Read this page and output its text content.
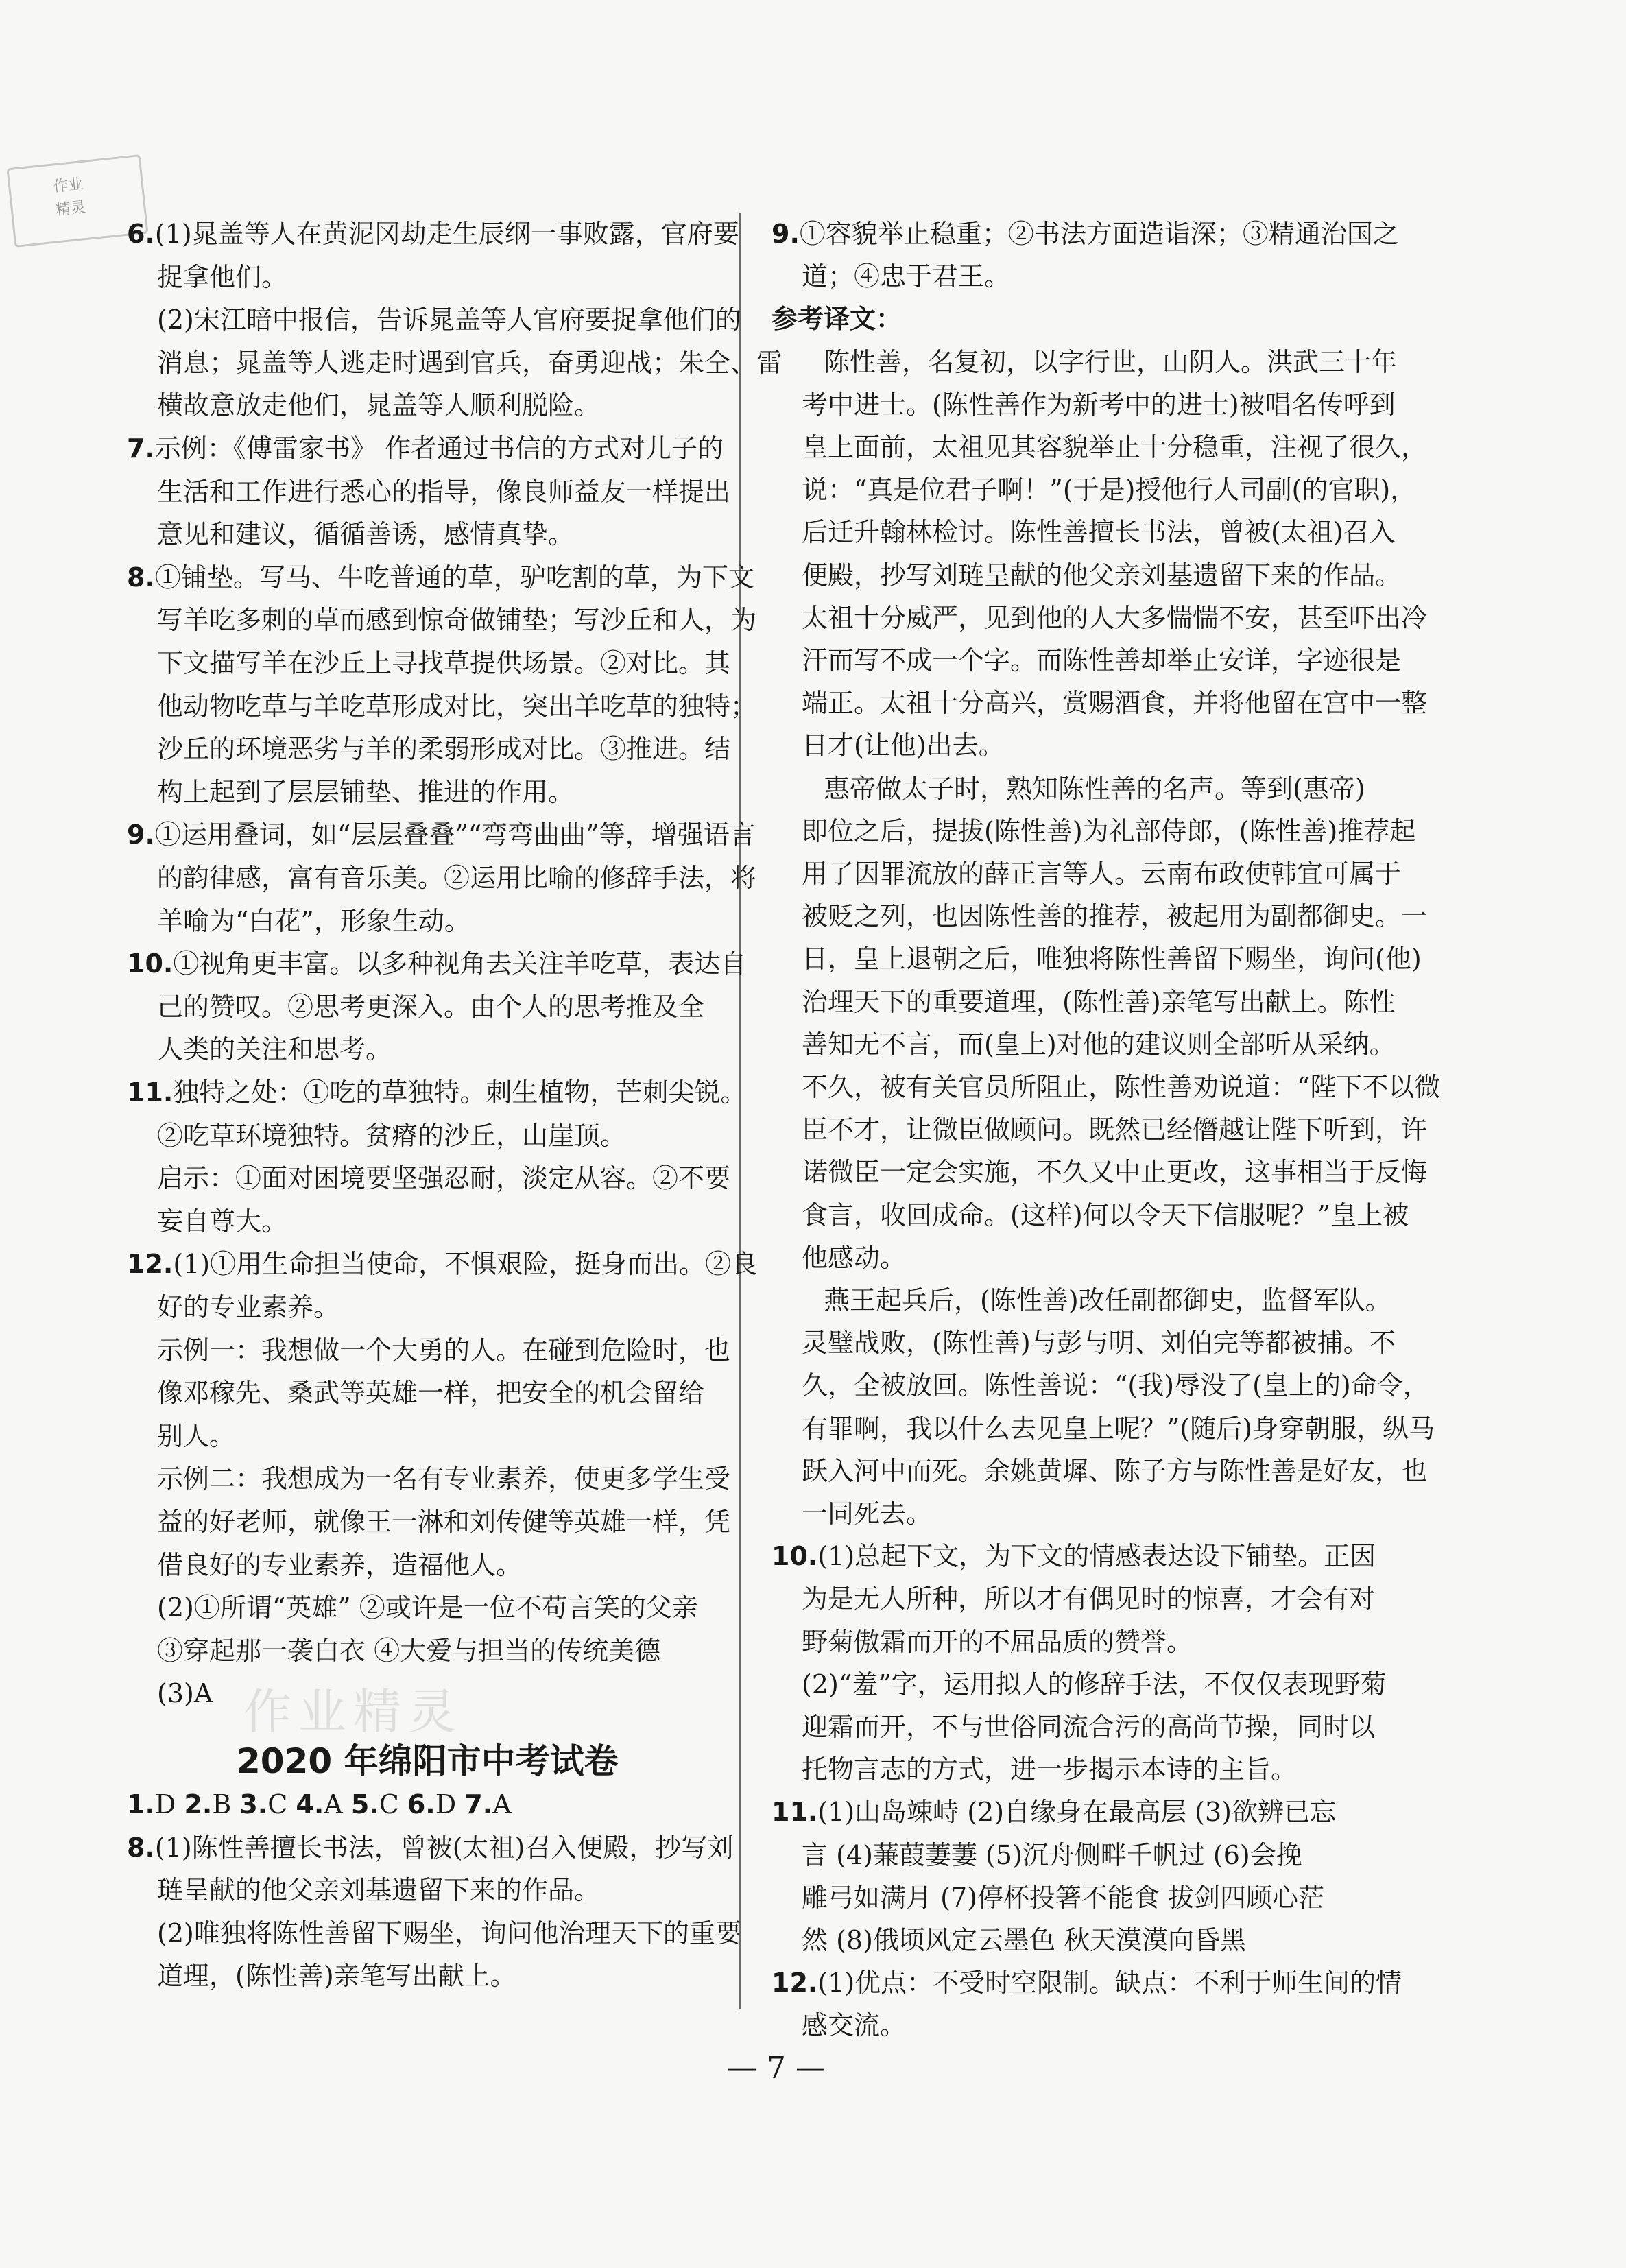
作业
精灵
6.(1)晁盖等人在黄泥冈劫走生辰纲一事败露，官府要
捉拿他们。
(2)宋江暗中报信，告诉晁盖等人官府要捉拿他们的
消息；晁盖等人逃走时遇到官兵，奋勇迎战；朱仝、雷
横故意放走他们，晁盖等人顺利脱险。
7.示例：《傅雷家书》 作者通过书信的方式对儿子的
生活和工作进行悉心的指导，像良师益友一样提出
意见和建议，循循善诱，感情真挚。
8.①铺垫。写马、牛吃普通的草，驴吃割的草，为下文
写羊吃多刺的草而感到惊奇做铺垫；写沙丘和人，为
下文描写羊在沙丘上寻找草提供场景。②对比。其
他动物吃草与羊吃草形成对比，突出羊吃草的独特；
沙丘的环境恶劣与羊的柔弱形成对比。③推进。结
构上起到了层层铺垫、推进的作用。
9.①运用叠词，如“层层叠叠”“弯弯曲曲”等，增强语言
的韵律感，富有音乐美。②运用比喻的修辞手法，将
羊喻为“白花”，形象生动。
10.①视角更丰富。以多种视角去关注羊吃草，表达自
己的赞叹。②思考更深入。由个人的思考推及全
人类的关注和思考。
11.独特之处：①吃的草独特。刺生植物，芒刺尖锐。
②吃草环境独特。贫瘠的沙丘，山崖顶。
启示：①面对困境要坚强忍耐，淡定从容。②不要
妄自尊大。
12.(1)①用生命担当使命，不惧艰险，挺身而出。②良
好的专业素养。
示例一：我想做一个大勇的人。在碰到危险时，也
像邓稼先、桑武等英雄一样，把安全的机会留给
别人。
示例二：我想成为一名有专业素养，使更多学生受
益的好老师，就像王一淋和刘传健等英雄一样，凭
借良好的专业素养，造福他人。
(2)①所谓“英雄” ②或许是一位不苟言笑的父亲
③穿起那一袭白衣 ④大爱与担当的传统美德
(3)A
1.D 2.B 3.C 4.A 5.C 6.D 7.A
8.(1)陈性善擅长书法，曾被(太祖)召入便殿，抄写刘
琏呈献的他父亲刘基遗留下来的作品。
(2)唯独将陈性善留下赐坐，询问他治理天下的重要
道理，(陈性善)亲笔写出献上。
9.①容貌举止稳重；②书法方面造诣深；③精通治国之
道；④忠于君王。
参考译文：
　　陈性善，名复初，以字行世，山阴人。洪武三十年
考中进士。(陈性善作为新考中的进士)被唱名传呼到
皇上面前，太祖见其容貌举止十分稳重，注视了很久，
说：“真是位君子啊！”(于是)授他行人司副(的官职)，
后迁升翰林检讨。陈性善擅长书法，曾被(太祖)召入
便殿，抄写刘琏呈献的他父亲刘基遗留下来的作品。
太祖十分威严，见到他的人大多惴惴不安，甚至吓出冷
汗而写不成一个字。而陈性善却举止安详，字迹很是
端正。太祖十分高兴，赏赐酒食，并将他留在宫中一整
日才(让他)出去。
　　惠帝做太子时，熟知陈性善的名声。等到(惠帝)
即位之后，提拔(陈性善)为礼部侍郎，(陈性善)推荐起
用了因罪流放的薛正言等人。云南布政使韩宜可属于
被贬之列，也因陈性善的推荐，被起用为副都御史。一
日，皇上退朝之后，唯独将陈性善留下赐坐，询问(他)
治理天下的重要道理，(陈性善)亲笔写出献上。陈性
善知无不言，而(皇上)对他的建议则全部听从采纳。
不久，被有关官员所阻止，陈性善劝说道：“陛下不以微
臣不才，让微臣做顾问。既然已经僭越让陛下听到，许
诺微臣一定会实施，不久又中止更改，这事相当于反悔
食言，收回成命。(这样)何以令天下信服呢？”皇上被
他感动。
　　燕王起兵后，(陈性善)改任副都御史，监督军队。
灵璧战败，(陈性善)与彭与明、刘伯完等都被捕。不
久，全被放回。陈性善说：“(我)辱没了(皇上的)命令，
有罪啊，我以什么去见皇上呢？”(随后)身穿朝服，纵马
跃入河中而死。余姚黄墀、陈子方与陈性善是好友，也
一同死去。
10.(1)总起下文，为下文的情感表达设下铺垫。正因
为是无人所种，所以才有偶见时的惊喜，才会有对
野菊傲霜而开的不屈品质的赞誉。
(2)“羞”字，运用拟人的修辞手法，不仅仅表现野菊
迎霜而开，不与世俗同流合污的高尚节操，同时以
托物言志的方式，进一步揭示本诗的主旨。
11.(1)山岛竦峙 (2)自缘身在最高层 (3)欲辨已忘
言 (4)蒹葭萋萋 (5)沉舟侧畔千帆过 (6)会挽
雕弓如满月 (7)停杯投箸不能食 拔剑四顾心茫
然 (8)俄顷风定云墨色 秋天漠漠向昏黑
12.(1)优点：不受时空限制。缺点：不利于师生间的情
感交流。
2020 年绵阳市中考试卷
作业精灵
— 7 —
